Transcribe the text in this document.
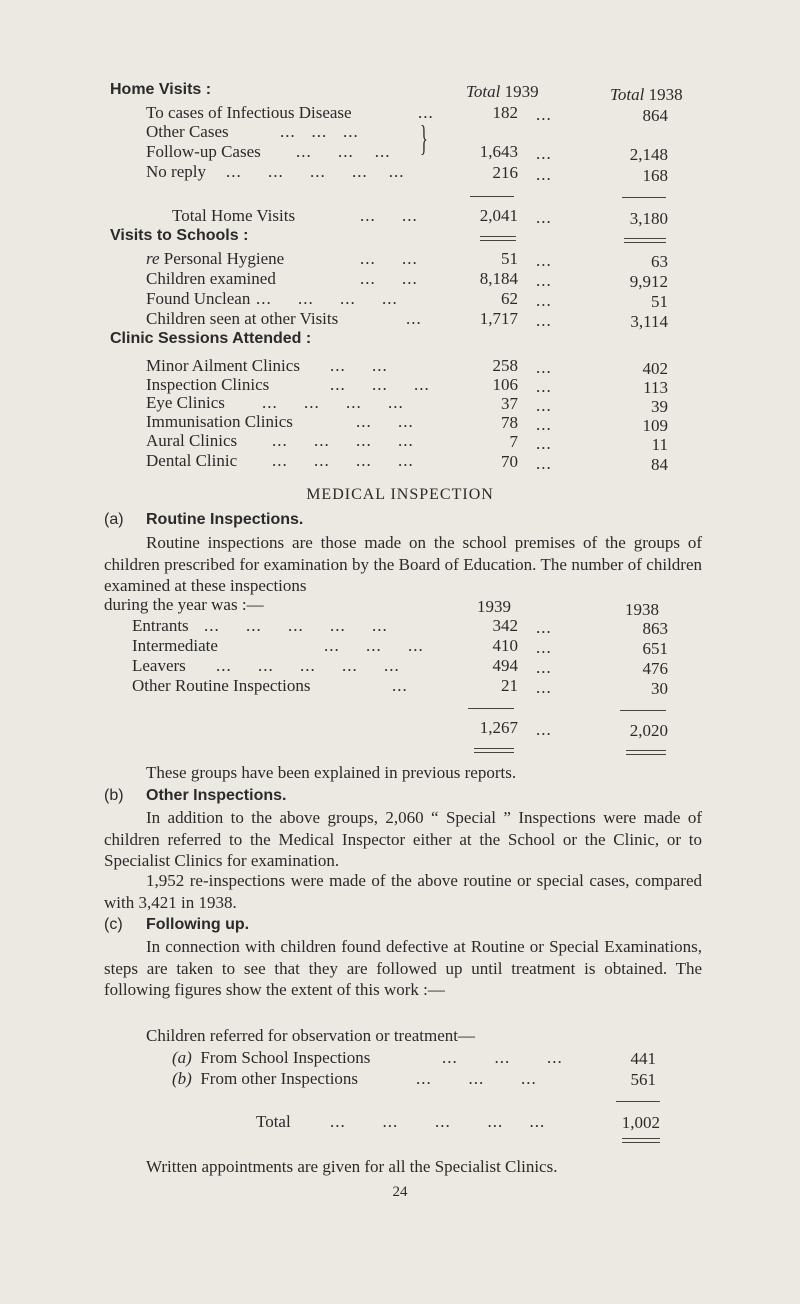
Home Visits :	Total 1939	Total 1938
To cases of Infectious Disease	...	182 ...	864
Other Cases	...   ...   ... }
Follow-up Cases ...     ...    ...	1,643 ...	2,148
No reply ...     ...     ...     ...    ...	216 ...	168
Total Home Visits	...     ...	2,041 ...	3,180
Visits to Schools :
re Personal Hygiene	...     ...	51 ...	63
Children examined	...     ...	8,184 ...	9,912
Found Unclean ...     ...     ...     ...	62 ...	51
Children seen at other Visits	...	1,717 ...	3,114
Clinic Sessions Attended :
Minor Ailment Clinics ...     ...	258 ...	402
Inspection Clinics	...     ...     ...	106 ...	113
Eye Clinics ...     ...     ...     ...	37 ...	39
Immunisation Clinics	...     ...	78 ...	109
Aural Clinics ...     ...     ...     ...	7 ...	11
Dental Clinic ...     ...     ...     ...	70 ...	84
MEDICAL INSPECTION
(a) Routine Inspections.
Routine inspections are those made on the school premises of the groups of children prescribed for examination by the Board of Education. The number of children examined at these inspections
during the year was :—	1939	1938
Entrants ...     ...     ...     ...     ...	342 ...	863
Intermediate	...     ...     ...	410 ...	651
Leavers ...     ...     ...     ...     ...	494 ...	476
Other Routine Inspections	...	21 ...	30
1,267 ...	2,020
These groups have been explained in previous reports.
(b) Other Inspections.
In addition to the above groups, 2,060 “ Special ” Inspections were made of children referred to the Medical Inspector either at the School or the Clinic, or to Specialist Clinics for examination.
1,952 re-inspections were made of the above routine or special cases, compared with 3,421 in 1938.
(c) Following up.
In connection with children found defective at Routine or Special Examinations, steps are taken to see that they are followed up until treatment is obtained. The following figures show the extent of this work :—
Children referred for observation or treatment—
(a) From School Inspections	...       ...       ...	441
(b) From other Inspections	...       ...       ...	561
Total ...       ...       ...       ...     ...	1,002
Written appointments are given for all the Specialist Clinics.
24
